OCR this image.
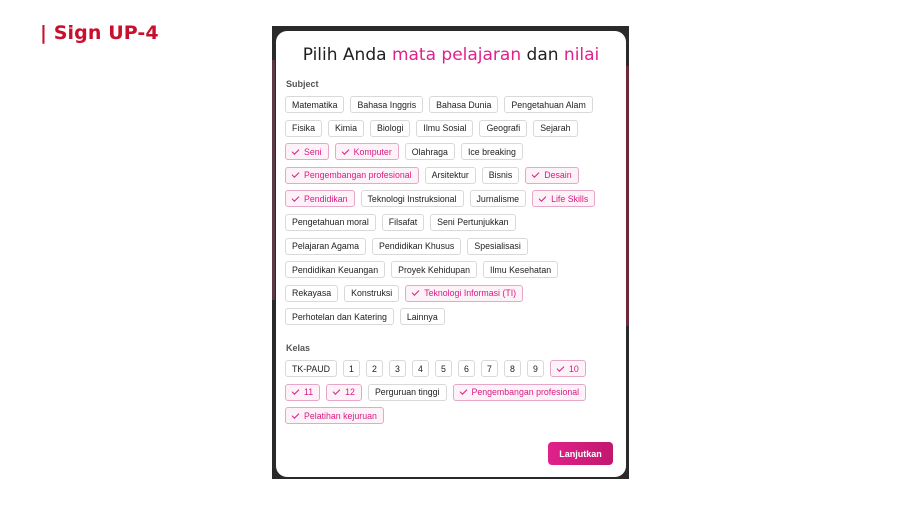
| Sign UP-4
Pilih Anda mata pelajaran dan nilai
Subject
Matematika Bahasa Inggris Bahasa Dunia Pengetahuan Alam
Fisika Kimia Biologi Ilmu Sosial Geografi Sejarah
Seni	Komputer Olahraga Ice breaking
Pengembangan profesional Arsitektur Bisnis	Desain
Pendidikan Teknologi Instruksional Jurnalisme	Life Skills
Pengetahuan moral Filsafat Seni Pertunjukkan
Pelajaran Agama Pendidikan Khusus Spesialisasi
Pendidikan Keuangan Proyek Kehidupan Ilmu Kesehatan
Rekayasa Konstruksi	Teknologi Informasi (TI)
Perhotelan dan Katering Lainnya
Kelas
TK-PAUD 1 2 3 4 5 6 7 8 9	10
11	12 Perguruan tinggi	Pengembangan profesional
Pelatihan kejuruan
Lanjutkan
